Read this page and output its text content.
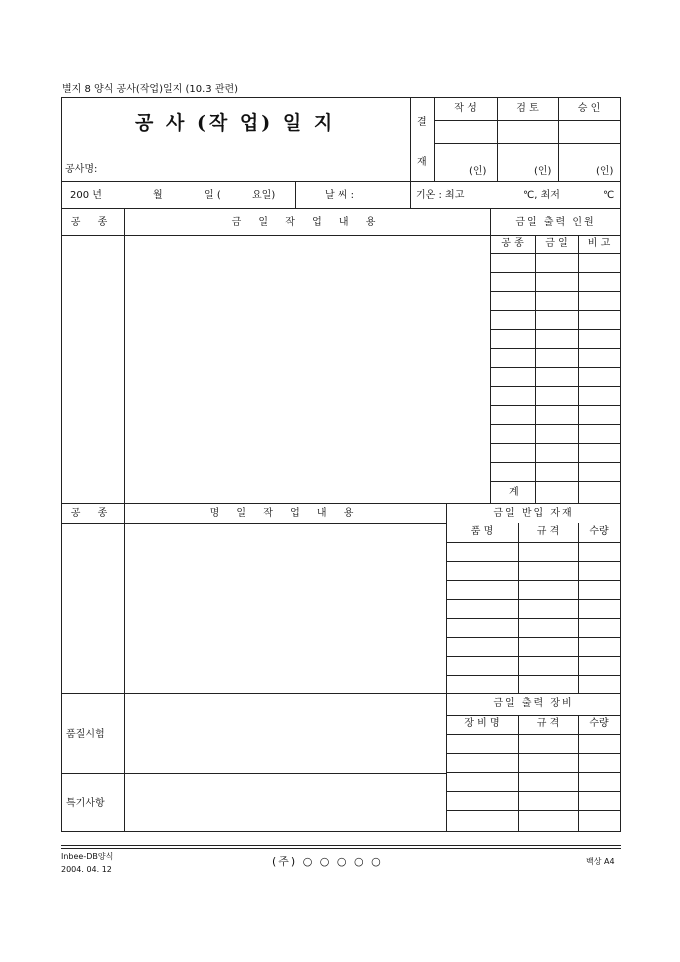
별지 8 양식 공사(작업)일지 (10.3 관련)
공 사 (작 업) 일 지
공사명:
결
재
작 성	검 토	승 인
(인)	(인)	(인)
200 년	월	일 (	요일)	날 씨 :	기온 : 최고	℃, 최저	℃
공 종	금 일 작 업 내 용	금일 출력 인원
공 종	금 일	비 고
계
공 종	명 일 작 업 내 용	금일 반입 자재
품 명	규 격	수량
품질시험
특기사항
금일 출력 장비
장 비 명	규 격	수량
Inbee-DB양식
2004. 04. 12
(주) ○ ○ ○ ○ ○	백상 A4
